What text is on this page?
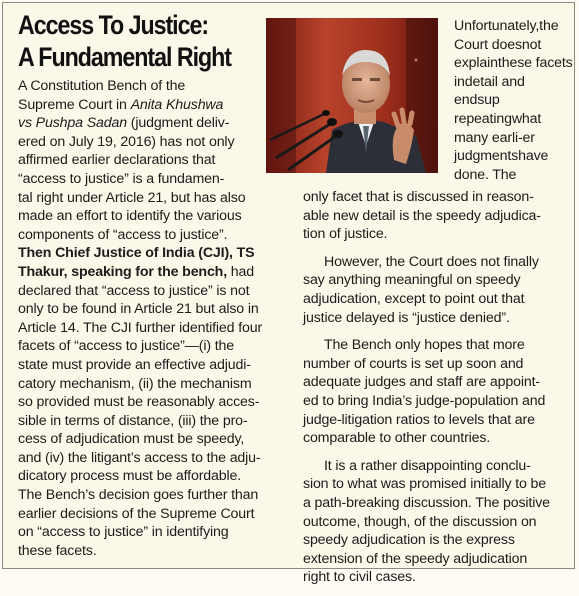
Access To Justice:
A Fundamental Right
A Constitution Bench of the
Supreme Court in Anita Khushwa
vs Pushpa Sadan (judgment deliv-
ered on July 19, 2016) has not only
affirmed earlier declarations that
“access to justice” is a fundamen-
tal right under Article 21, but has also
made an effort to identify the various
components of “access to justice”.
Then Chief Justice of India (CJI), TS
Thakur, speaking for the bench, had
declared that “access to justice” is not
only to be found in Article 21 but also in
Article 14. The CJI further identified four
facets of “access to justice”—(i) the
state must provide an effective adjudi-
catory mechanism, (ii) the mechanism
so provided must be reasonably acces-
sible in terms of distance, (iii) the pro-
cess of adjudication must be speedy,
and (iv) the litigant’s access to the adju-
dicatory process must be affordable.
The Bench’s decision goes further than
earlier decisions of the Supreme Court
on “access to justice” in identifying
these facets.
Unfortunately,the Court doesnot explainthese facets indetail and endsup repeatingwhat many earli-er judgmentshave done. The
only facet that is discussed in reason-
able new detail is the speedy adjudica-
tion of justice.
However, the Court does not finally
say anything meaningful on speedy
adjudication, except to point out that
justice delayed is “justice denied”.
The Bench only hopes that more
number of courts is set up soon and
adequate judges and staff are appoint-
ed to bring India’s judge-population and
judge-litigation ratios to levels that are
comparable to other countries.
It is a rather disappointing conclu-
sion to what was promised initially to be
a path-breaking discussion. The positive
outcome, though, of the discussion on
speedy adjudication is the express
extension of the speedy adjudication
right to civil cases.
